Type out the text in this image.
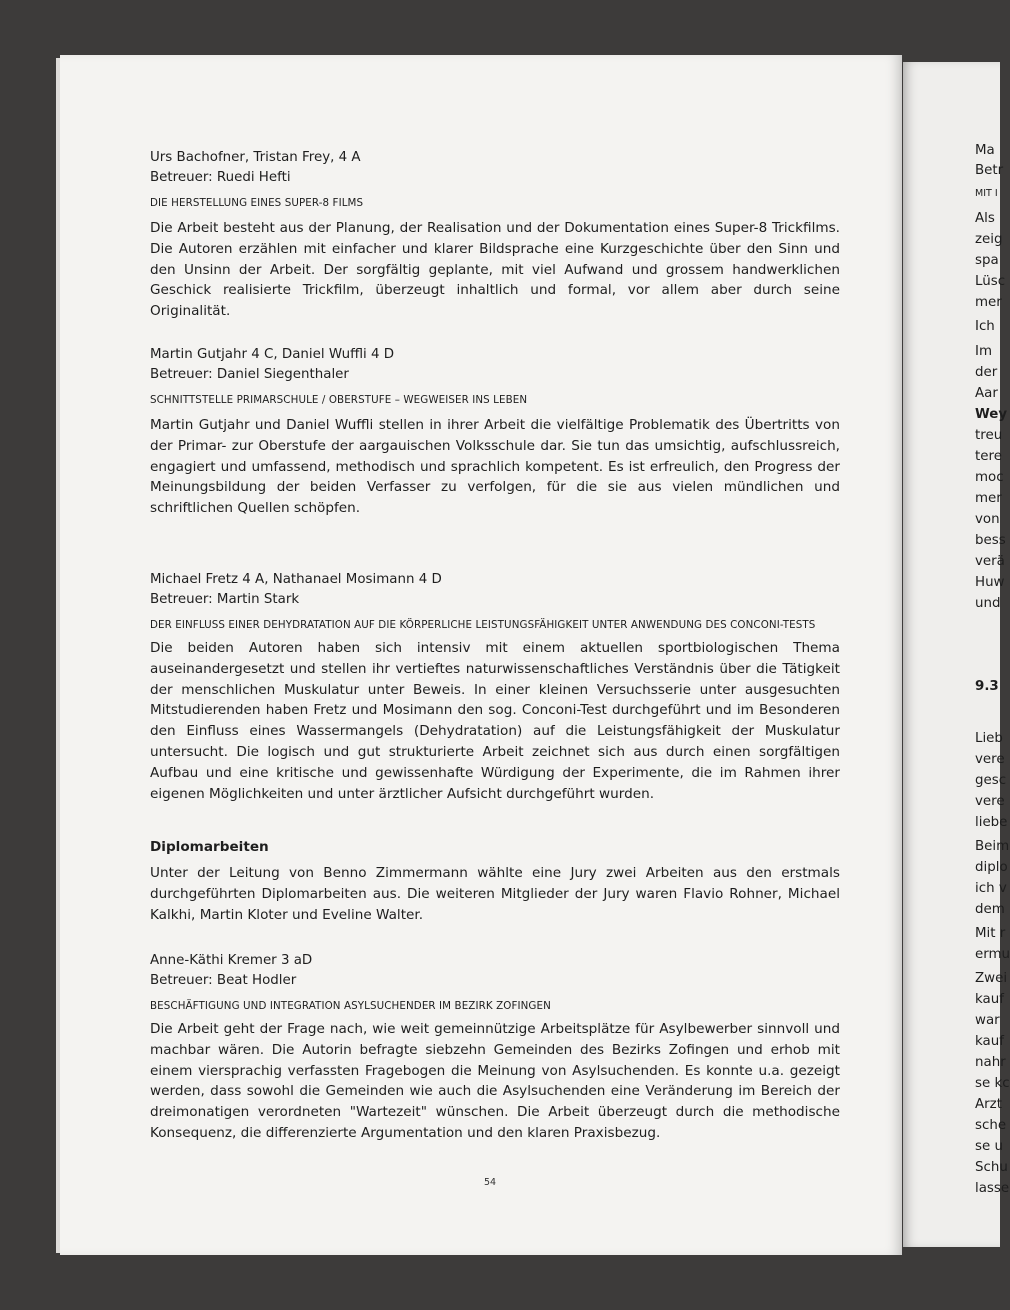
Ma
Betr
MIT I
Als
zeig
spa
Lüsc
mer
Ich
Im
der
Aar
Wey
treu
tere
moc
mer
von
bess
verä
Huw
und
9.3
Lieb
vere
gesc
vere
liebe
Beim
diplo
ich v
dem
Mit r
ermu
Zwei
kauf
war
kauf
nahr
se kc
Arzt
sche
se u
Schu
lasse
Urs Bachofner, Tristan Frey, 4 A
Betreuer: Ruedi Hefti
DIE HERSTELLUNG EINES SUPER-8 FILMS
Die Arbeit besteht aus der Planung, der Realisation und der Dokumentation eines Super-8 Trickfilms. Die Autoren erzählen mit einfacher und klarer Bildsprache eine Kurzgeschichte über den Sinn und den Unsinn der Arbeit. Der sorgfältig geplante, mit viel Aufwand und grossem handwerklichen Geschick realisierte Trickfilm, überzeugt inhaltlich und formal, vor allem aber durch seine Originalität.
Martin Gutjahr 4 C, Daniel Wuffli 4 D
Betreuer: Daniel Siegenthaler
SCHNITTSTELLE PRIMARSCHULE / OBERSTUFE – WEGWEISER INS LEBEN
Martin Gutjahr und Daniel Wuffli stellen in ihrer Arbeit die vielfältige Problematik des Übertritts von der Primar- zur Oberstufe der aargauischen Volksschule dar. Sie tun das umsichtig, aufschlussreich, engagiert und umfassend, methodisch und sprachlich kompetent. Es ist erfreulich, den Progress der Meinungsbildung der beiden Verfasser zu verfolgen, für die sie aus vielen mündlichen und schriftlichen Quellen schöpfen.
Michael Fretz 4 A, Nathanael Mosimann 4 D
Betreuer: Martin Stark
DER EINFLUSS EINER DEHYDRATATION AUF DIE KÖRPERLICHE LEISTUNGSFÄHIGKEIT UNTER ANWENDUNG DES CONCONI-TESTS
Die beiden Autoren haben sich intensiv mit einem aktuellen sportbiologischen Thema auseinandergesetzt und stellen ihr vertieftes naturwissenschaftliches Verständnis über die Tätigkeit der menschlichen Muskulatur unter Beweis. In einer kleinen Versuchsserie unter ausgesuchten Mitstudierenden haben Fretz und Mosimann den sog. Conconi-Test durchgeführt und im Besonderen den Einfluss eines Wassermangels (Dehydratation) auf die Leistungsfähigkeit der Muskulatur untersucht. Die logisch und gut strukturierte Arbeit zeichnet sich aus durch einen sorgfältigen Aufbau und eine kritische und gewissenhafte Würdigung der Experimente, die im Rahmen ihrer eigenen Möglichkeiten und unter ärztlicher Aufsicht durchgeführt wurden.
Diplomarbeiten
Unter der Leitung von Benno Zimmermann wählte eine Jury zwei Arbeiten aus den erstmals durchgeführten Diplomarbeiten aus. Die weiteren Mitglieder der Jury waren Flavio Rohner, Michael Kalkhi, Martin Kloter und Eveline Walter.
Anne-Käthi Kremer 3 aD
Betreuer: Beat Hodler
BESCHÄFTIGUNG UND INTEGRATION ASYLSUCHENDER IM BEZIRK ZOFINGEN
Die Arbeit geht der Frage nach, wie weit gemeinnützige Arbeitsplätze für Asylbewerber sinnvoll und machbar wären. Die Autorin befragte siebzehn Gemeinden des Bezirks Zofingen und erhob mit einem viersprachig verfassten Fragebogen die Meinung von Asylsuchenden. Es konnte u.a. gezeigt werden, dass sowohl die Gemeinden wie auch die Asylsuchenden eine Veränderung im Bereich der dreimonatigen verordneten "Wartezeit" wünschen. Die Arbeit überzeugt durch die methodische Konsequenz, die differenzierte Argumentation und den klaren Praxisbezug.
54
